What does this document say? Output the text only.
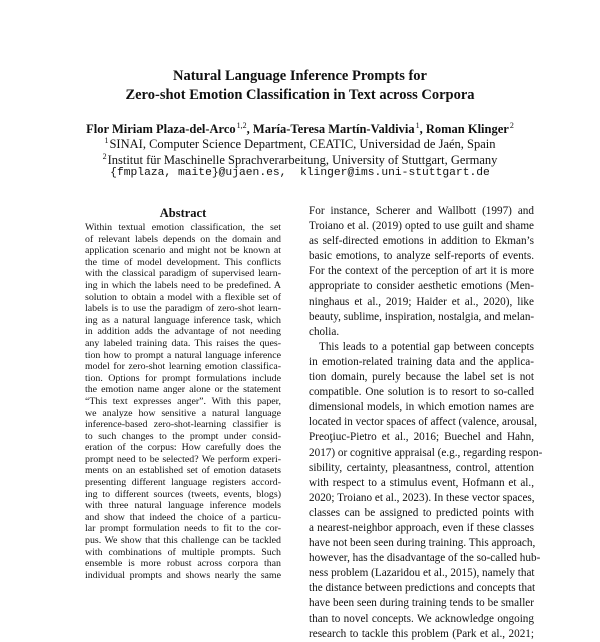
Natural Language Inference Prompts for
Zero-shot Emotion Classification in Text across Corpora
Flor Miriam Plaza-del-Arco$^{1,2}$, María-Teresa Martín-Valdivia$^1$, Roman Klinger$^2$
$^1$SINAI, Computer Science Department, CEATIC, Universidad de Jaén, Spain
$^2$Institut für Maschinelle Sprachverarbeitung, University of Stuttgart, Germany
{fmplaza, maite}@ujaen.es,  klinger@ims.uni-stuttgart.de
Abstract
Within textual emotion classification, the set
of relevant labels depends on the domain and
application scenario and might not be known at
the time of model development. This conflicts
with the classical paradigm of supervised learn-
ing in which the labels need to be predefined. A
solution to obtain a model with a flexible set of
labels is to use the paradigm of zero-shot learn-
ing as a natural language inference task, which
in addition adds the advantage of not needing
any labeled training data. This raises the ques-
tion how to prompt a natural language inference
model for zero-shot learning emotion classifica-
tion. Options for prompt formulations include
the emotion name anger alone or the statement
“This text expresses anger”. With this paper,
we analyze how sensitive a natural language
inference-based zero-shot-learning classifier is
to such changes to the prompt under consid-
eration of the corpus: How carefully does the
prompt need to be selected? We perform experi-
ments on an established set of emotion datasets
presenting different language registers accord-
ing to different sources (tweets, events, blogs)
with three natural language inference models
and show that indeed the choice of a particu-
lar prompt formulation needs to fit to the cor-
pus. We show that this challenge can be tackled
with combinations of multiple prompts. Such
ensemble is more robust across corpora than
individual prompts and shows nearly the same
For instance, Scherer and Wallbott (1997) and
Troiano et al. (2019) opted to use guilt and shame
as self-directed emotions in addition to Ekman’s
basic emotions, to analyze self-reports of events.
For the context of the perception of art it is more
appropriate to consider aesthetic emotions (Men-
ninghaus et al., 2019; Haider et al., 2020), like
beauty, sublime, inspiration, nostalgia, and melan-
cholia.
This leads to a potential gap between concepts
in emotion-related training data and the applica-
tion domain, purely because the label set is not
compatible. One solution is to resort to so-called
dimensional models, in which emotion names are
located in vector spaces of affect (valence, arousal,
Preoţiuc-Pietro et al., 2016; Buechel and Hahn,
2017) or cognitive appraisal (e.g., regarding respon-
sibility, certainty, pleasantness, control, attention
with respect to a stimulus event, Hofmann et al.,
2020; Troiano et al., 2023). In these vector spaces,
classes can be assigned to predicted points with
a nearest-neighbor approach, even if these classes
have not been seen during training. This approach,
however, has the disadvantage of the so-called hub-
ness problem (Lazaridou et al., 2015), namely that
the distance between predictions and concepts that
have been seen during training tends to be smaller
than to novel concepts. We acknowledge ongoing
research to tackle this problem (Park et al., 2021;
